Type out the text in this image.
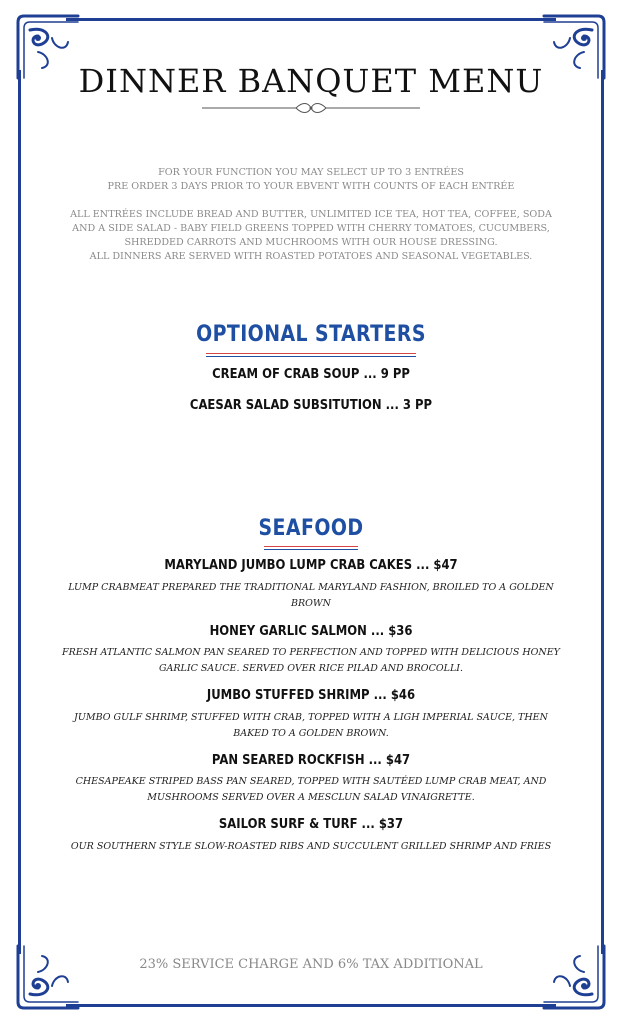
DINNER BANQUET MENU

FOR YOUR FUNCTION YOU MAY SELECT UP TO 3 ENTRÉES

PRE ORDER 3 DAYS PRIOR TO YOUR EBVENT WITH COUNTS OF EACH ENTRÉE

ALL ENTRÉES INCLUDE BREAD AND BUTTER, UNLIMITED ICE TEA, HOT TEA, COFFEE, SODA

AND A SIDE SALAD - BABY FIELD GREENS TOPPED WITH CHERRY TOMATOES, CUCUMBERS,

SHREDDED CARROTS AND MUCHROOMS WITH OUR HOUSE DRESSING.

ALL DINNERS ARE SERVED WITH ROASTED POTATOES AND SEASONAL VEGETABLES.

OPTIONAL STARTERS
CREAM OF CRAB SOUP ... 9 PP
CAESAR SALAD SUBSITUTION ... 3 PP
SEAFOOD
MARYLAND JUMBO LUMP CRAB CAKES ... $47
LUMP CRABMEAT PREPARED THE TRADITIONAL MARYLAND FASHION, BROILED TO A GOLDEN BROWN
HONEY GARLIC SALMON ... $36
FRESH ATLANTIC SALMON PAN SEARED TO PERFECTION AND TOPPED WITH DELICIOUS HONEY GARLIC SAUCE. SERVED OVER RICE PILAD AND BROCOLLI.
JUMBO STUFFED SHRIMP ... $46
JUMBO GULF SHRIMP, STUFFED WITH CRAB, TOPPED WITH A LIGH IMPERIAL SAUCE, THEN BAKED TO A GOLDEN BROWN.
PAN SEARED ROCKFISH ... $47
CHESAPEAKE STRIPED BASS PAN SEARED, TOPPED WITH SAUTÉED LUMP CRAB MEAT, AND MUSHROOMS SERVED OVER A MESCLUN SALAD VINAIGRETTE.
SAILOR SURF & TURF ... $37
OUR SOUTHERN STYLE SLOW-ROASTED RIBS AND SUCCULENT GRILLED SHRIMP AND FRIES
23% SERVICE CHARGE AND 6% TAX ADDITIONAL
